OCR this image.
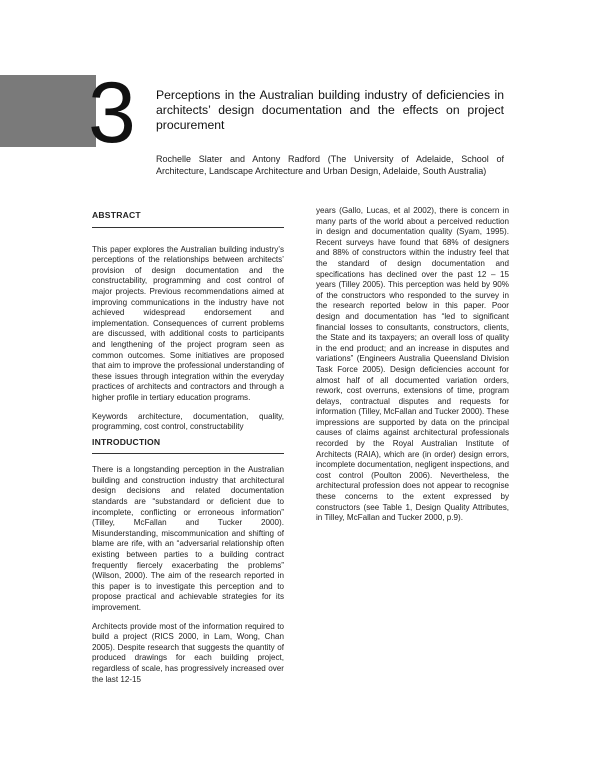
3 Perceptions in the Australian building industry of deficiencies in architects’ design documentation and the effects on project procurement

Rochelle Slater and Antony Radford (The University of Adelaide, School of Architecture, Landscape Architecture and Urban Design, Adelaide, South Australia)

ABSTRACT

This paper explores the Australian building industry’s perceptions of the relationships between architects’ provision of design documentation and the constructability, programming and cost control of major projects. Previous recommendations aimed at improving communications in the industry have not achieved widespread endorsement and implementation. Consequences of current problems are discussed, with additional costs to participants and lengthening of the project program seen as common outcomes. Some initiatives are proposed that aim to improve the professional understanding of these issues through integration within the everyday practices of architects and contractors and through a higher profile in tertiary education programs.

Keywords architecture, documentation, quality, programming, cost control, constructability

INTRODUCTION

There is a longstanding perception in the Australian building and construction industry that architectural design decisions and related documentation standards are “substandard or deficient due to incomplete, conflicting or erroneous information” (Tilley, McFallan and Tucker 2000). Misunderstanding, miscommunication and shifting of blame are rife, with an “adversarial relationship often existing between parties to a building contract frequently fiercely exacerbating the problems” (Wilson, 2000). The aim of the research reported in this paper is to investigate this perception and to propose practical and achievable strategies for its improvement.

Architects provide most of the information required to build a project (RICS 2000, in Lam, Wong, Chan 2005). Despite research that suggests the quantity of produced drawings for each building project, regardless of scale, has progressively increased over the last 12-15

years (Gallo, Lucas, et al 2002), there is concern in many parts of the world about a perceived reduction in design and documentation quality (Syam, 1995). Recent surveys have found that 68% of designers and 88% of constructors within the industry feel that the standard of design documentation and specifications has declined over the past 12 – 15 years (Tilley 2005). This perception was held by 90% of the constructors who responded to the survey in the research reported below in this paper. Poor design and documentation has “led to significant financial losses to consultants, constructors, clients, the State and its taxpayers; an overall loss of quality in the end product; and an increase in disputes and variations” (Engineers Australia Queensland Division Task Force 2005). Design deficiencies account for almost half of all documented variation orders, rework, cost overruns, extensions of time, program delays, contractual disputes and requests for information (Tilley, McFallan and Tucker 2000). These impressions are supported by data on the principal causes of claims against architectural professionals recorded by the Royal Australian Institute of Architects (RAIA), which are (in order) design errors, incomplete documentation, negligent inspections, and cost control (Poulton 2006). Nevertheless, the architectural profession does not appear to recognise these concerns to the extent expressed by constructors (see Table 1, Design Quality Attributes, in Tilley, McFallan and Tucker 2000, p.9).
